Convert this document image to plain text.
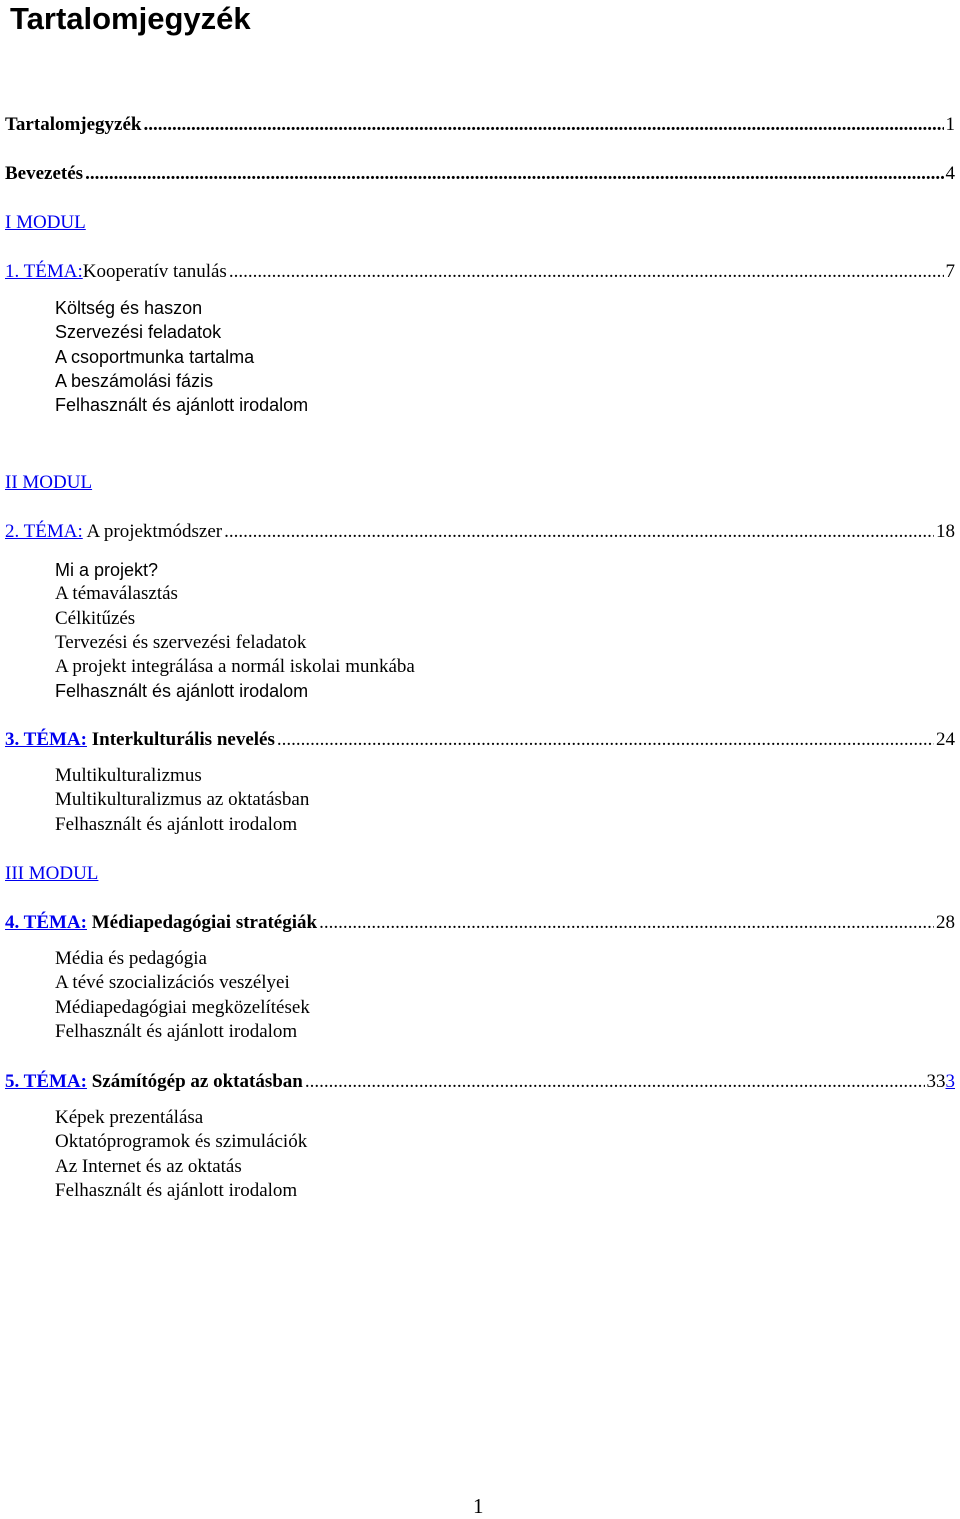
Tartalomjegyzék
Tartalomjegyzék .....	1
Bevezetés .....	4
I MODUL
1. TÉMA:Kooperatív tanulás .....	7
Költség és haszon
Szervezési feladatok
A csoportmunka tartalma
A beszámolási fázis
Felhasznált és ajánlott irodalom
II MODUL
2. TÉMA: A projektmódszer .....	18
Mi a projekt?
A témaválasztás
Célkitűzés
Tervezési és szervezési feladatok
A projekt integrálása a normál iskolai munkába
Felhasznált és ajánlott irodalom
3. TÉMA: Interkulturális nevelés .....	24
Multikulturalizmus
Multikulturalizmus az oktatásban
Felhasznált és ajánlott irodalom
III MODUL
4. TÉMA: Médiapedagógiai stratégiák .....	28
Média és pedagógia
A tévé szocializációs veszélyei
Médiapedagógiai megközelítések
Felhasznált és ajánlott irodalom
5. TÉMA: Számítógép az oktatásban .....	333
Képek prezentálása
Oktatóprogramok és szimulációk
Az Internet és az oktatás
Felhasznált és ajánlott irodalom
1
